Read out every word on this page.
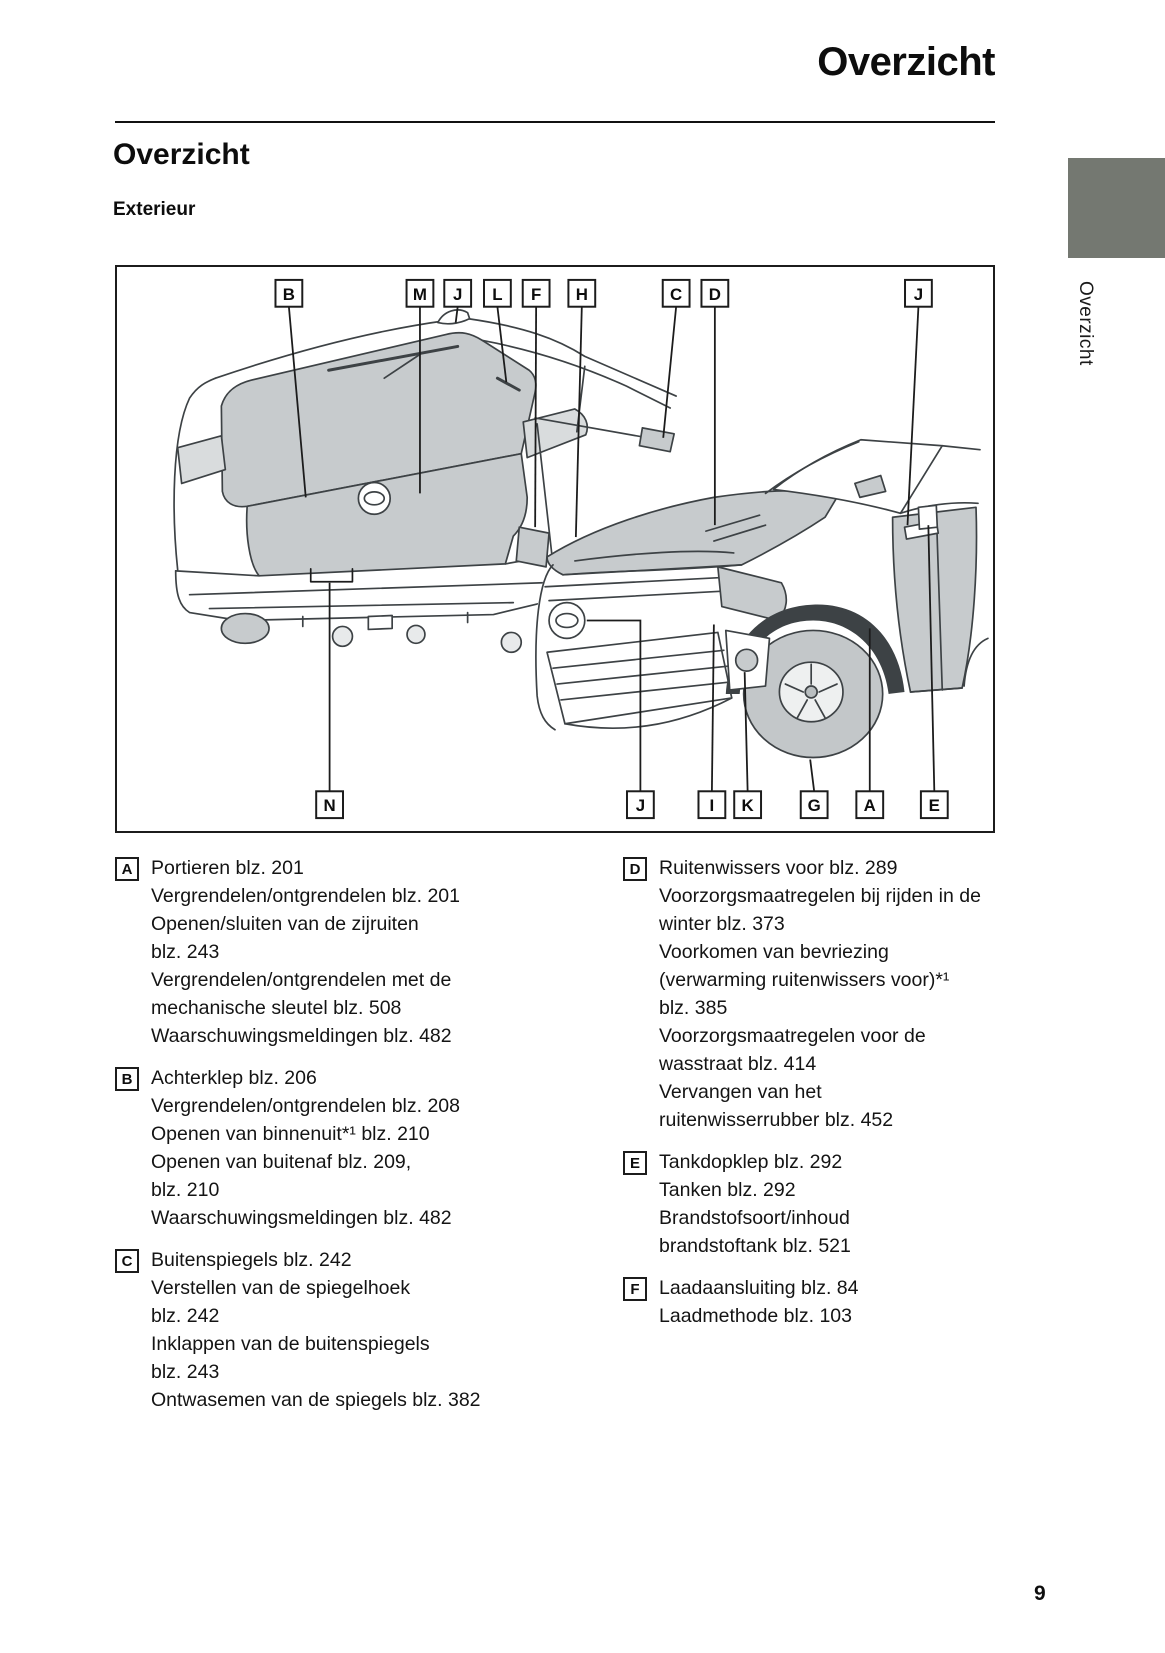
Overzicht
Overzicht
Exterieur
Overzicht
B	M J L F H	C D	J
N	J	I K	G	A	E
A Portieren blz. 201
Vergrendelen/ontgrendelen blz. 201
Openen/sluiten van de zijruiten
blz. 243
Vergrendelen/ontgrendelen met de
mechanische sleutel blz. 508
Waarschuwingsmeldingen blz. 482
B Achterklep blz. 206
Vergrendelen/ontgrendelen blz. 208
Openen van binnenuit*¹ blz. 210
Openen van buitenaf blz. 209,
blz. 210
Waarschuwingsmeldingen blz. 482
C Buitenspiegels blz. 242
Verstellen van de spiegelhoek
blz. 242
Inklappen van de buitenspiegels
blz. 243
Ontwasemen van de spiegels blz. 382
D Ruitenwissers voor blz. 289
Voorzorgsmaatregelen bij rijden in de
winter blz. 373
Voorkomen van bevriezing
(verwarming ruitenwissers voor)*¹
blz. 385
Voorzorgsmaatregelen voor de
wasstraat blz. 414
Vervangen van het
ruitenwisserrubber blz. 452
E Tankdopklep blz. 292
Tanken blz. 292
Brandstofsoort/inhoud
brandstoftank blz. 521
F Laadaansluiting blz. 84
Laadmethode blz. 103
9
